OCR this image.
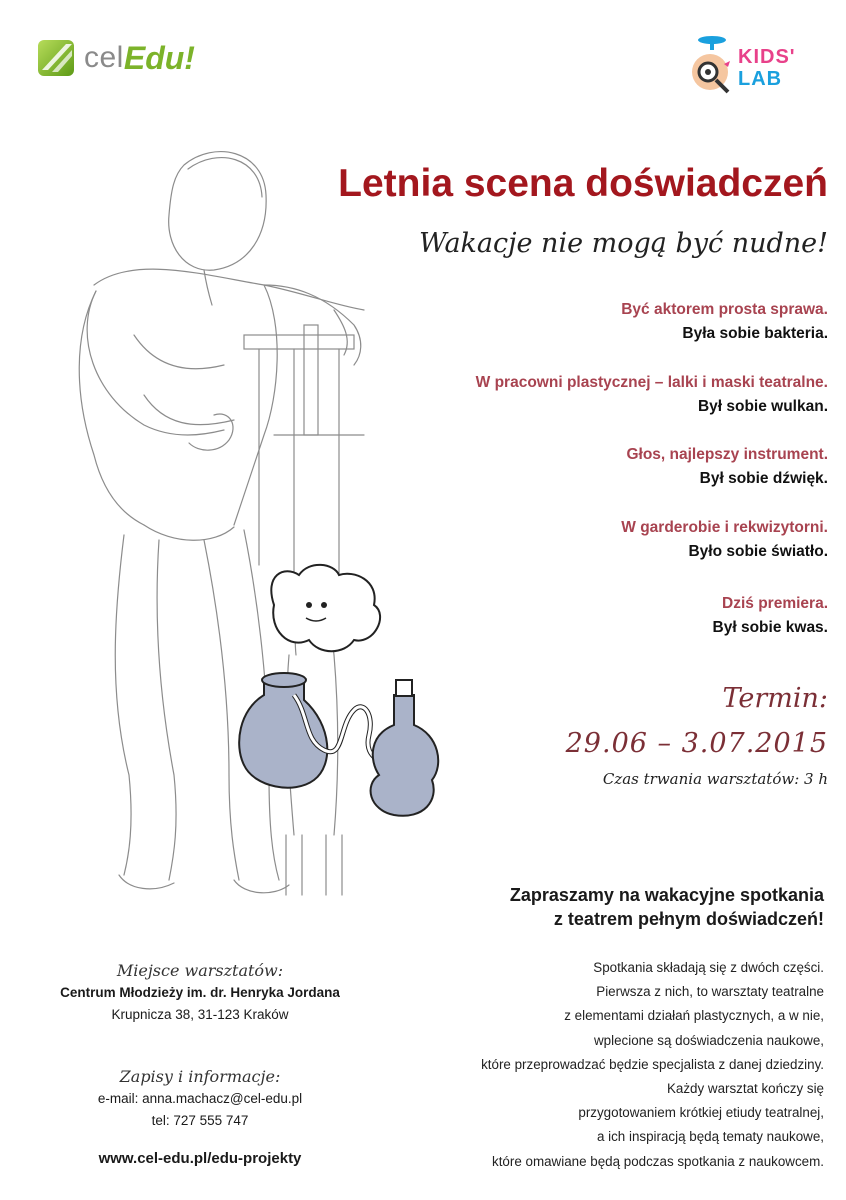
cel Edu!	KIDS'
LAB
Letnia scena doświadczeń
Wakacje nie mogą być nudne!
Być aktorem prosta sprawa.
Była sobie bakteria.
W pracowni plastycznej – lalki i maski teatralne.
Był sobie wulkan.
Głos, najlepszy instrument.
Był sobie dźwięk.
W garderobie i rekwizytorni.
Było sobie światło.
Dziś premiera.
Był sobie kwas.
Termin:
29.06 – 3.07.2015
Czas trwania warsztatów: 3 h
Zapraszamy na wakacyjne spotkania
z teatrem pełnym doświadczeń!
Spotkania składają się z dwóch części.
Pierwsza z nich, to warsztaty teatralne
z elementami działań plastycznych, a w nie,
wplecione są doświadczenia naukowe,
które przeprowadzać będzie specjalista z danej dziedziny.
Każdy warsztat kończy się
przygotowaniem krótkiej etiudy teatralnej,
a ich inspiracją będą tematy naukowe,
które omawiane będą podczas spotkania z naukowcem.
Miejsce warsztatów:
Centrum Młodzieży im. dr. Henryka Jordana
Krupnicza 38, 31-123 Kraków
Zapisy i informacje:
e-mail: anna.machacz@cel-edu.pl
tel: 727 555 747
www.cel-edu.pl/edu-projekty
